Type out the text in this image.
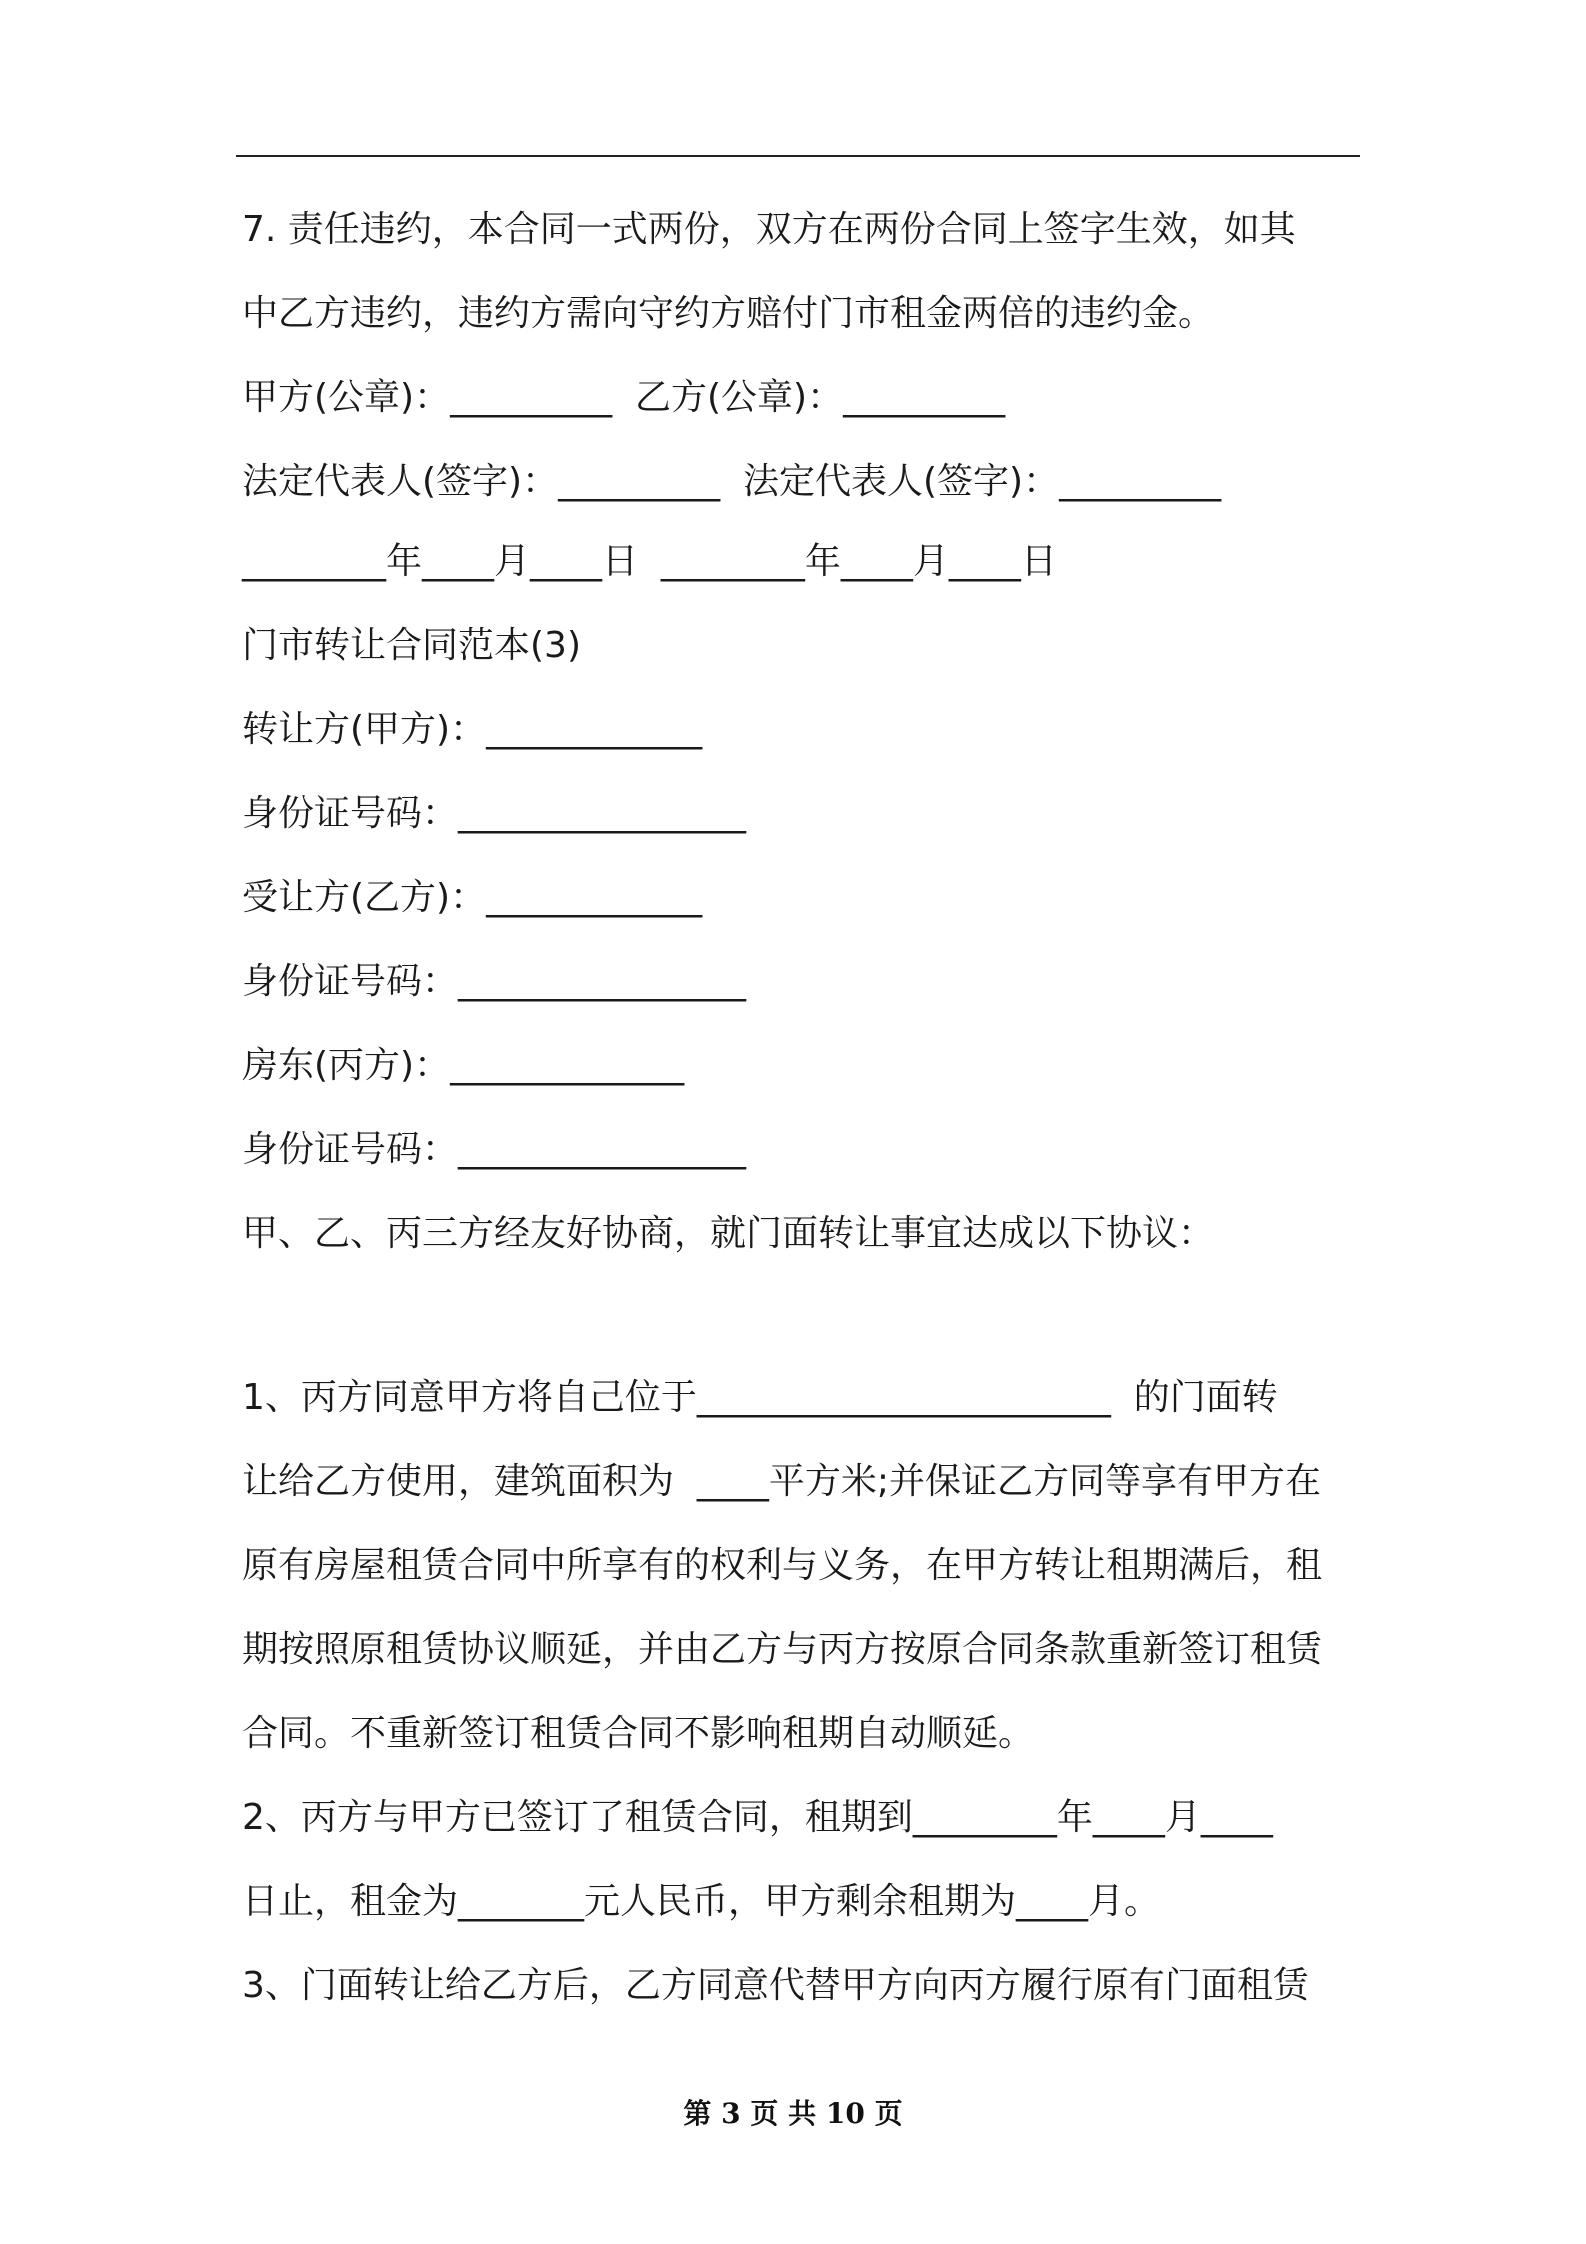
7. 责任违约，本合同一式两份，双方在两份合同上签字生效，如其

中乙方违约，违约方需向守约方赔付门市租金两倍的违约金。

甲方(公章)：_________  乙方(公章)：_________

法定代表人(签字)：_________  法定代表人(签字)：_________

________年____月____日  ________年____月____日

门市转让合同范本(3)

转让方(甲方)：____________

身份证号码：________________

受让方(乙方)：____________

身份证号码：________________

房东(丙方)：_____________

身份证号码：________________

甲、乙、丙三方经友好协商，就门面转让事宜达成以下协议：

1、丙方同意甲方将自己位于_______________________  的门面转

让给乙方使用，建筑面积为  ____平方米;并保证乙方同等享有甲方在

原有房屋租赁合同中所享有的权利与义务，在甲方转让租期满后，租

期按照原租赁协议顺延，并由乙方与丙方按原合同条款重新签订租赁

合同。不重新签订租赁合同不影响租期自动顺延。

2、丙方与甲方已签订了租赁合同，租期到________年____月____

日止，租金为_______元人民币，甲方剩余租期为____月。

3、门面转让给乙方后，乙方同意代替甲方向丙方履行原有门面租赁

第 3 页 共 10 页
